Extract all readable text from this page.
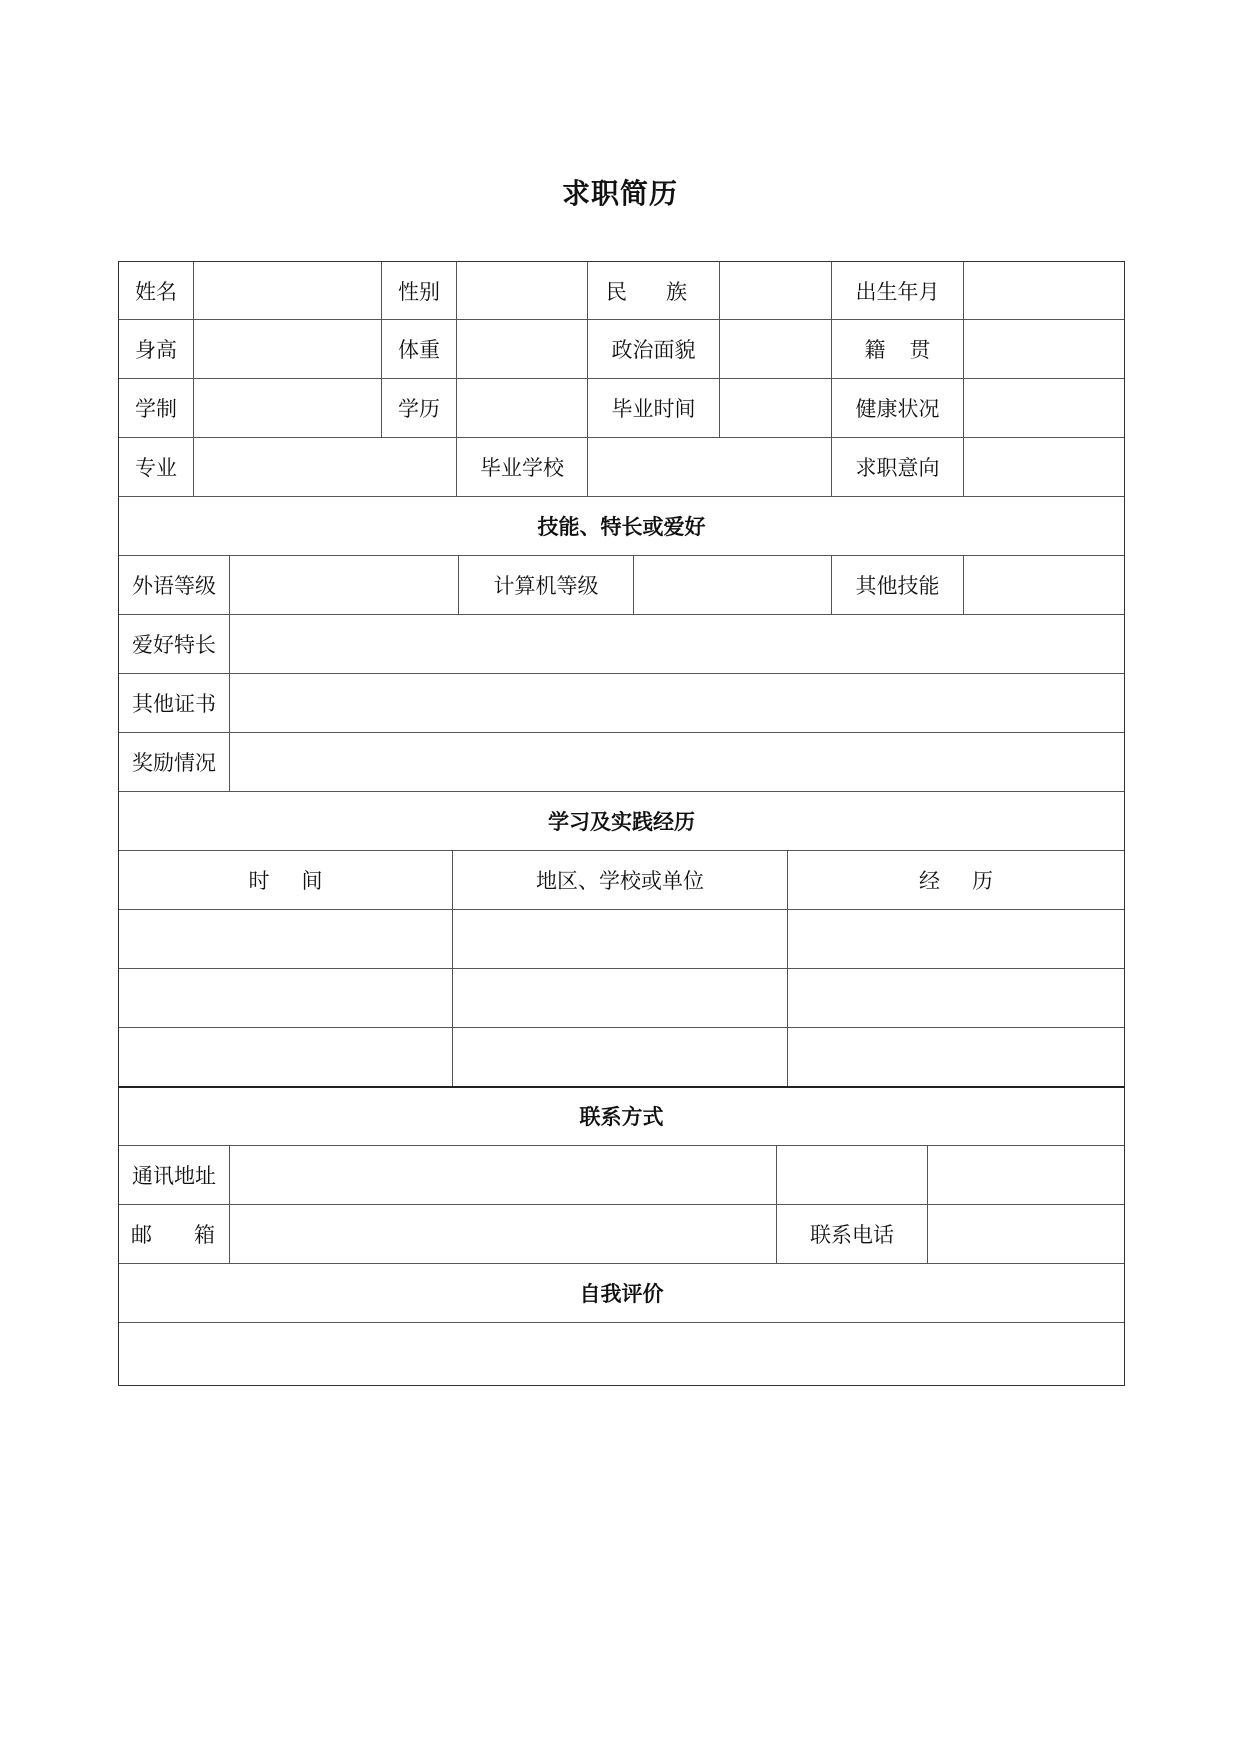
求职简历
姓名	性别	民 族	出生年月
身高	体重	政治面貌	籍 贯
学制	学历	毕业时间	健康状况
专业	毕业学校	求职意向
技能、特长或爱好
外语等级	计算机等级	其他技能
爱好特长
其他证书
奖励情况
学习及实践经历
时 间	地区、学校或单位	经 历
联系方式
通讯地址
邮 箱	联系电话
自我评价
